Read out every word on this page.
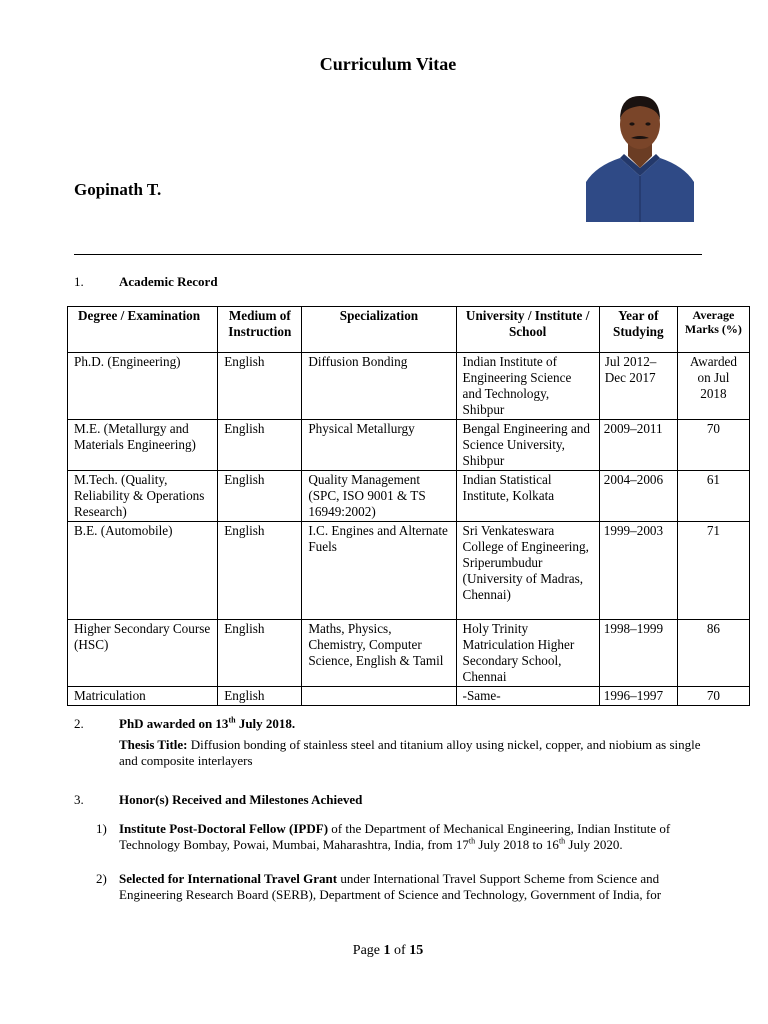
Curriculum Vitae
Gopinath T.
1.	Academic Record
Degree / Examination	Medium of Instruction	Specialization	University / Institute / School	Year of Studying	Average Marks (%)
Ph.D. (Engineering)	English	Diffusion Bonding	Indian Institute of Engineering Science and Technology, Shibpur	Jul 2012–Dec 2017	Awarded on Jul 2018
M.E. (Metallurgy and Materials Engineering)	English	Physical Metallurgy	Bengal Engineering and Science University, Shibpur	2009–2011	70
M.Tech. (Quality, Reliability & Operations Research)	English	Quality Management (SPC, ISO 9001 & TS 16949:2002)	Indian Statistical Institute, Kolkata	2004–2006	61
B.E. (Automobile)	English	I.C. Engines and Alternate Fuels	Sri Venkateswara College of Engineering, Sriperumbudur (University of Madras, Chennai)	1999–2003	71
Higher Secondary Course (HSC)	English	Maths, Physics, Chemistry, Computer Science, English & Tamil	Holy Trinity Matriculation Higher Secondary School, Chennai	1998–1999	86
Matriculation	English		-Same-	1996–1997	70
2.	PhD awarded on 13th July 2018.
Thesis Title: Diffusion bonding of stainless steel and titanium alloy using nickel, copper, and niobium as single and composite interlayers
3.	Honor(s) Received and Milestones Achieved
1) Institute Post-Doctoral Fellow (IPDF) of the Department of Mechanical Engineering, Indian Institute of Technology Bombay, Powai, Mumbai, Maharashtra, India, from 17th July 2018 to 16th July 2020.
2) Selected for International Travel Grant under International Travel Support Scheme from Science and Engineering Research Board (SERB), Department of Science and Technology, Government of India, for
Page 1 of 15
